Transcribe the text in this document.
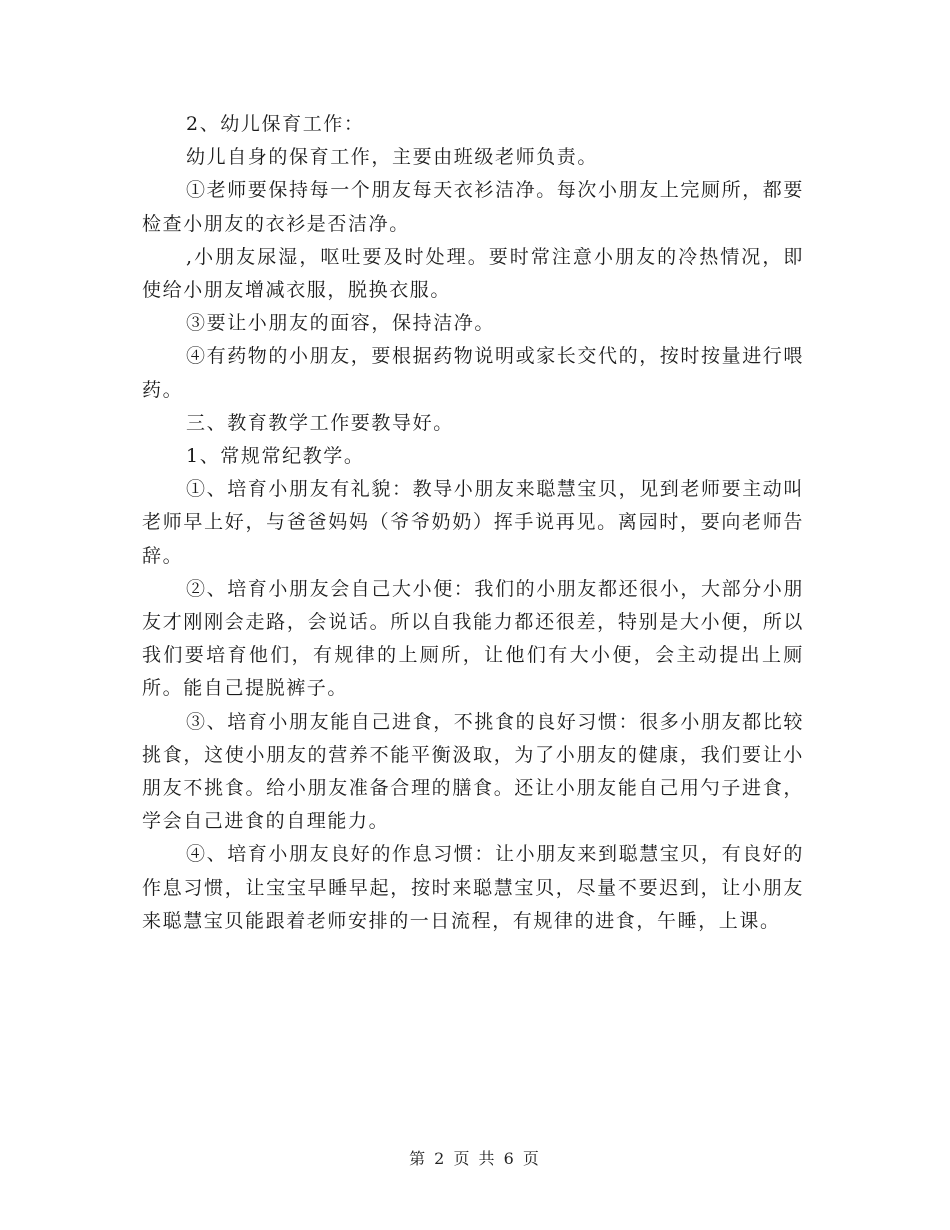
2、幼儿保育工作：

幼儿自身的保育工作，主要由班级老师负责。

①老师要保持每一个朋友每天衣衫洁净。每次小朋友上完厕所，都要检查小朋友的衣衫是否洁净。

,小朋友尿湿，呕吐要及时处理。要时常注意小朋友的冷热情况，即使给小朋友增减衣服，脱换衣服。

③要让小朋友的面容，保持洁净。

④有药物的小朋友，要根据药物说明或家长交代的，按时按量进行喂药。

三、教育教学工作要教导好。

1、常规常纪教学。

①、培育小朋友有礼貌：教导小朋友来聪慧宝贝，见到老师要主动叫老师早上好，与爸爸妈妈（爷爷奶奶）挥手说再见。离园时，要向老师告辞。

②、培育小朋友会自己大小便：我们的小朋友都还很小，大部分小朋友才刚刚会走路，会说话。所以自我能力都还很差，特别是大小便，所以我们要培育他们，有规律的上厕所，让他们有大小便，会主动提出上厕所。能自己提脱裤子。

③、培育小朋友能自己进食，不挑食的良好习惯：很多小朋友都比较挑食，这使小朋友的营养不能平衡汲取，为了小朋友的健康，我们要让小朋友不挑食。给小朋友准备合理的膳食。还让小朋友能自己用勺子进食，学会自己进食的自理能力。

④、培育小朋友良好的作息习惯：让小朋友来到聪慧宝贝，有良好的作息习惯，让宝宝早睡早起，按时来聪慧宝贝，尽量不要迟到，让小朋友来聪慧宝贝能跟着老师安排的一日流程，有规律的进食，午睡，上课。

第 2 页 共 6 页
